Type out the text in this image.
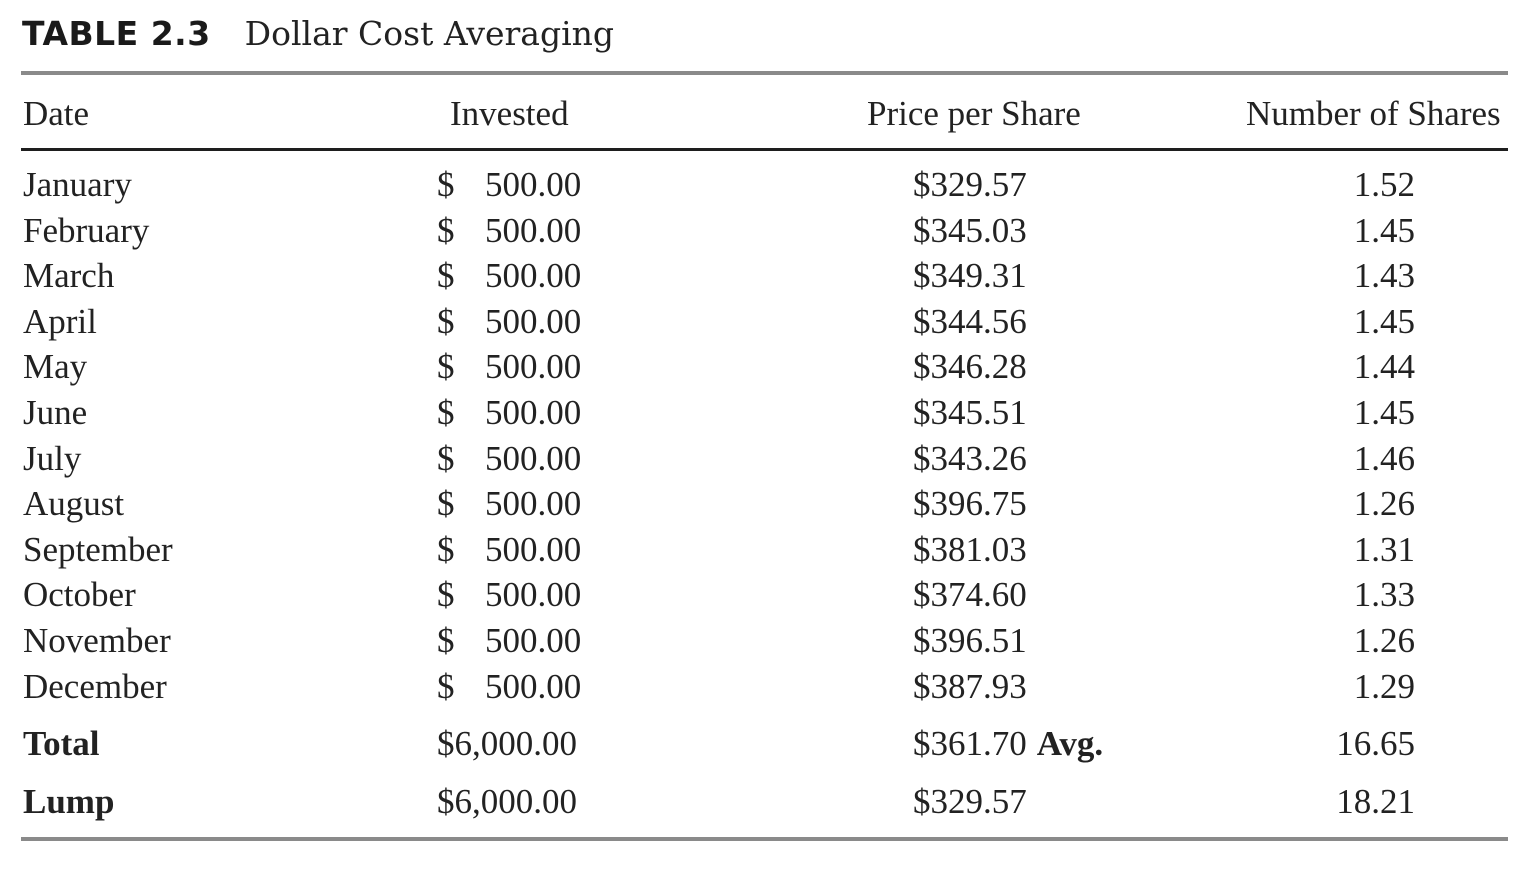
TABLE 2.3 Dollar Cost Averaging
Date	Invested	Price per Share	Number of Shares
January	$ 500.00	$329.57	1.52
February	$ 500.00	$345.03	1.45
March	$ 500.00	$349.31	1.43
April	$ 500.00	$344.56	1.45
May	$ 500.00	$346.28	1.44
June	$ 500.00	$345.51	1.45
July	$ 500.00	$343.26	1.46
August	$ 500.00	$396.75	1.26
September	$ 500.00	$381.03	1.31
October	$ 500.00	$374.60	1.33
November	$ 500.00	$396.51	1.26
December	$ 500.00	$387.93	1.29
Total	$6,000.00	$361.70 Avg.	16.65
Lump	$6,000.00	$329.57	18.21
